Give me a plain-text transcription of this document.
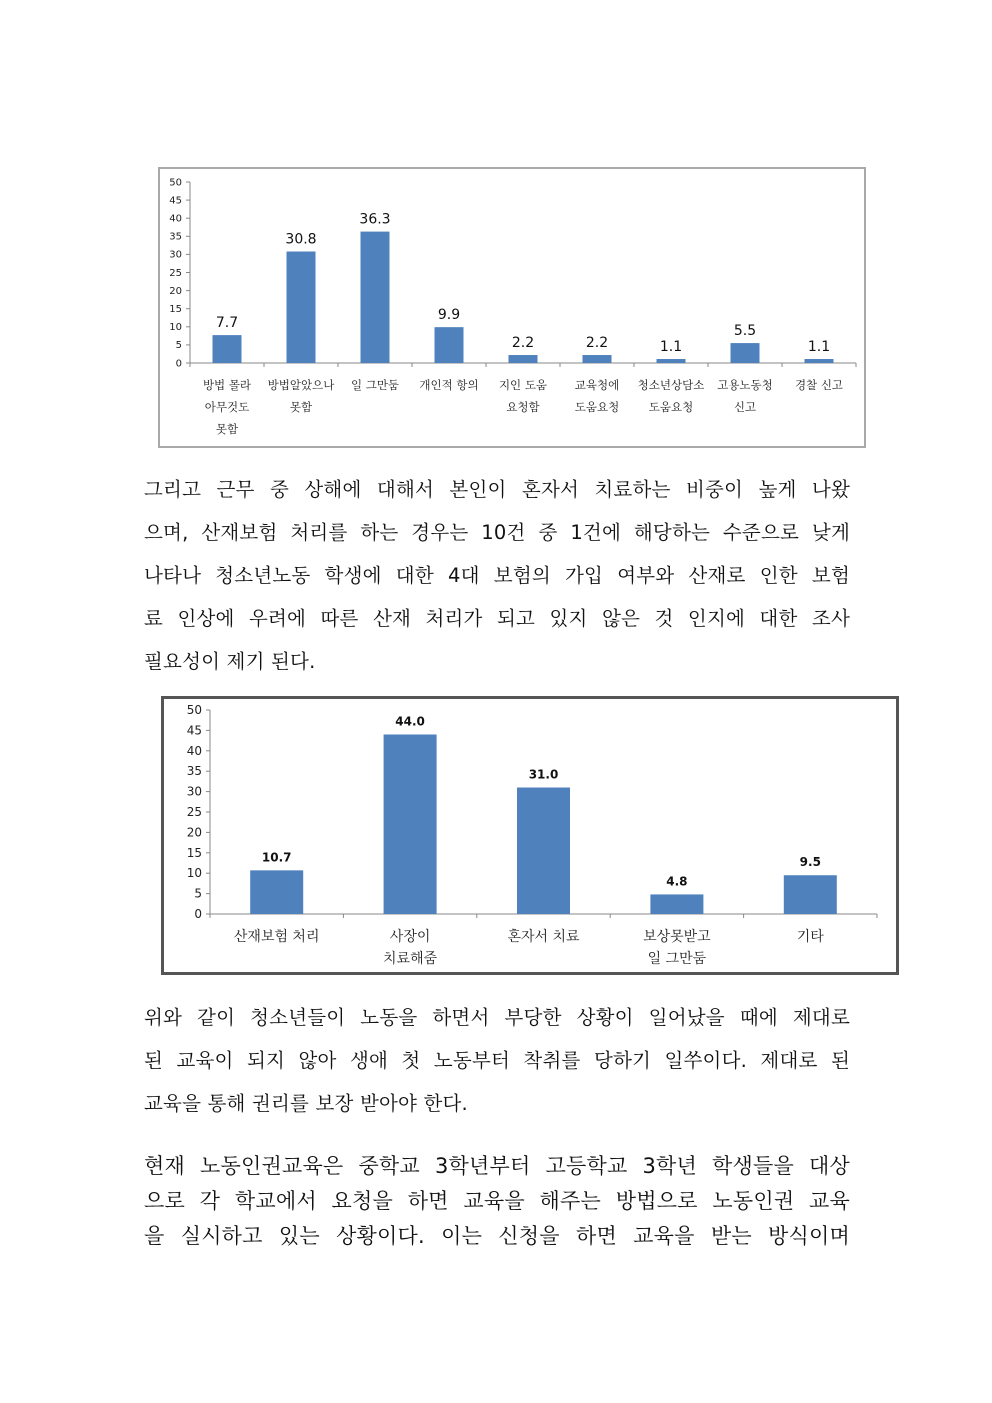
0
5
10
15
20
25
30
35
40
45
50
7.7
방법 몰라
아무것도
못함
30.8
방법알았으나
못함
36.3
일 그만둠
9.9
개인적 항의
2.2
지인 도움
요청함
2.2
교육청에
도움요청
1.1
청소년상담소
도움요청
5.5
고용노동청
신고
1.1
경찰 신고

그리고 근무 중 상해에 대해서 본인이 혼자서 치료하는 비중이 높게 나왔
으며, 산재보험 처리를 하는 경우는 10건 중 1건에 해당하는 수준으로 낮게
나타나 청소년노동 학생에 대한 4대 보험의 가입 여부와 산재로 인한 보험
료 인상에 우려에 따른 산재 처리가 되고 있지 않은 것 인지에 대한 조사
필요성이 제기 된다.

0
5
10
15
20
25
30
35
40
45
50
10.7
산재보험 처리
44.0
사장이
치료해줌
31.0
혼자서 치료
4.8
보상못받고
일 그만둠
9.5
기타

위와 같이 청소년들이 노동을 하면서 부당한 상황이 일어났을 때에 제대로
된 교육이 되지 않아 생애 첫 노동부터 착취를 당하기 일쑤이다. 제대로 된
교육을 통해 권리를 보장 받아야 한다.

현재 노동인권교육은 중학교 3학년부터 고등학교 3학년 학생들을 대상
으로 각 학교에서 요청을 하면 교육을 해주는 방법으로 노동인권 교육
을 실시하고 있는 상황이다. 이는 신청을 하면 교육을 받는 방식이며
